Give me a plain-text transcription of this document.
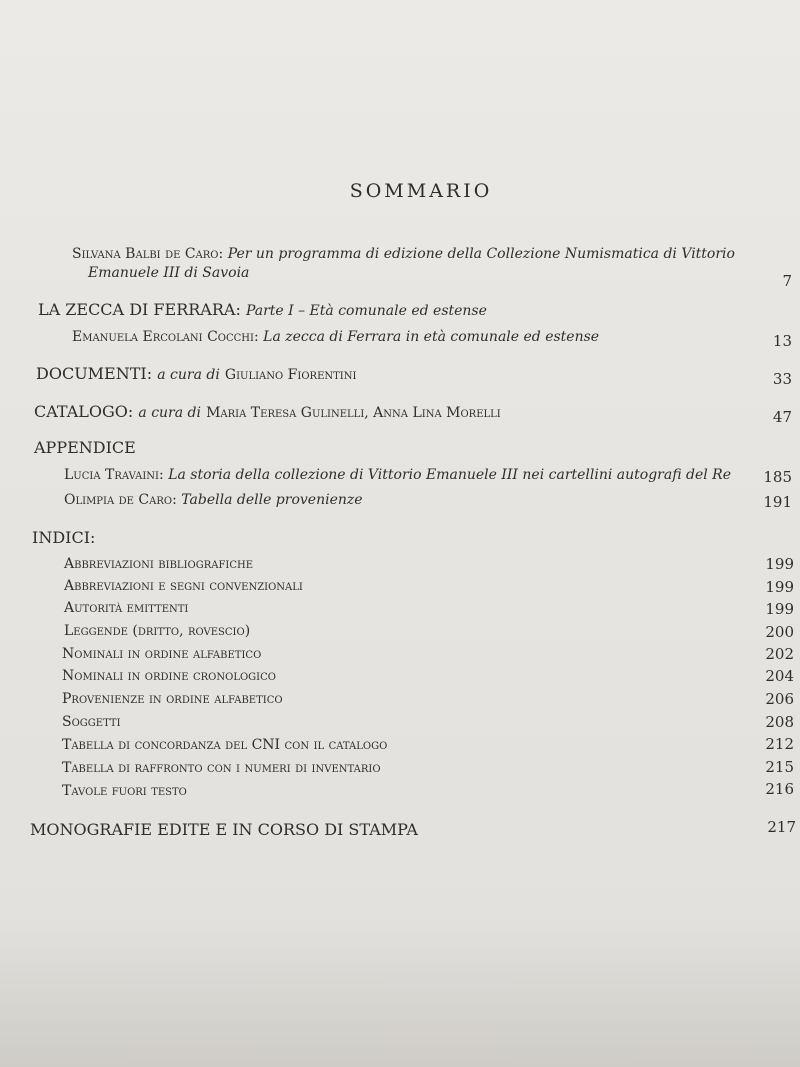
SOMMARIO
Silvana Balbi de Caro: Per un programma di edizione della Collezione Numismatica di Vittorio
Emanuele III di Savoia	7
LA ZECCA DI FERRARA: Parte I – Età comunale ed estense
Emanuela Ercolani Cocchi: La zecca di Ferrara in età comunale ed estense	13
DOCUMENTI: a cura di Giuliano Fiorentini	33
CATALOGO: a cura di Maria Teresa Gulinelli, Anna Lina Morelli	47
APPENDICE
Lucia Travaini: La storia della collezione di Vittorio Emanuele III nei cartellini autografi del Re 185
Olimpia de Caro: Tabella delle provenienze	191
INDICI:
Abbreviazioni bibliografiche	199
Abbreviazioni e segni convenzionali	199
Autorità emittenti	199
Leggende (dritto, rovescio)	200
Nominali in ordine alfabetico	202
Nominali in ordine cronologico	204
Provenienze in ordine alfabetico	206
Soggetti	208
Tabella di concordanza del CNI con il catalogo	212
Tabella di raffronto con i numeri di inventario	215
Tavole fuori testo	216
MONOGRAFIE EDITE E IN CORSO DI STAMPA	217
